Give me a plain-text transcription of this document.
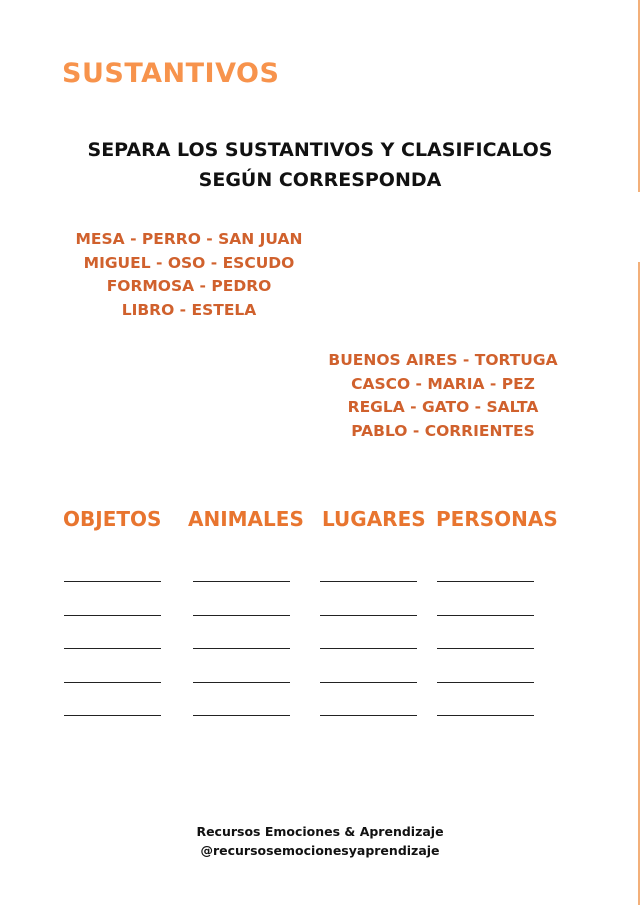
SUSTANTIVOS
SEPARA LOS SUSTANTIVOS Y CLASIFICALOS
SEGÚN CORRESPONDA
MESA - PERRO - SAN JUAN
MIGUEL - OSO - ESCUDO
FORMOSA - PEDRO
LIBRO - ESTELA
BUENOS AIRES - TORTUGA
CASCO - MARIA - PEZ
REGLA - GATO - SALTA
PABLO - CORRIENTES
OBJETOS ANIMALES LUGARES PERSONAS
Recursos Emociones & Aprendizaje
@recursosemocionesyaprendizaje
